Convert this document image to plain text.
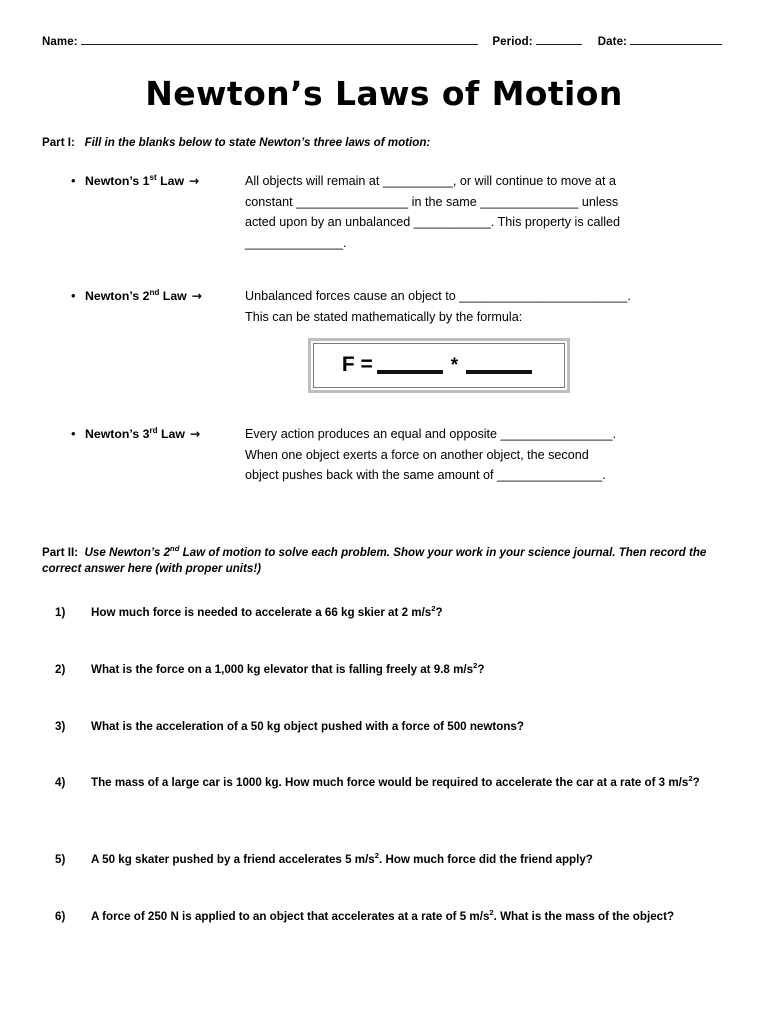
Name:	Period:	Date:
Newton’s Laws of Motion
Part I: Fill in the blanks below to state Newton’s three laws of motion:
• Newton’s 1st Law →	All objects will remain at __________, or will continue to move at a
constant ________________ in the same ______________ unless
acted upon by an unbalanced ___________. This property is called
______________.
• Newton’s 2nd Law →	Unbalanced forces cause an object to ________________________.
This can be stated mathematically by the formula:
F =	*
• Newton’s 3rd Law →	Every action produces an equal and opposite ________________.
When one object exerts a force on another object, the second
object pushes back with the same amount of _______________.
Part II: Use Newton’s 2nd Law of motion to solve each problem. Show your work in your science journal. Then record the correct answer here (with proper units!)
1)	How much force is needed to accelerate a 66 kg skier at 2 $m/s^2$?
2)	What is the force on a 1,000 kg elevator that is falling freely at 9.8 $m/s^2$?
3)	What is the acceleration of a 50 kg object pushed with a force of 500 newtons?
4)	The mass of a large car is 1000 kg. How much force would be required to accelerate the car at a rate of 3 $m/s^2$?
5)	A 50 kg skater pushed by a friend accelerates 5 $m/s^2$. How much force did the friend apply?
6)	A force of 250 N is applied to an object that accelerates at a rate of 5 $m/s^2$. What is the mass of the object?
